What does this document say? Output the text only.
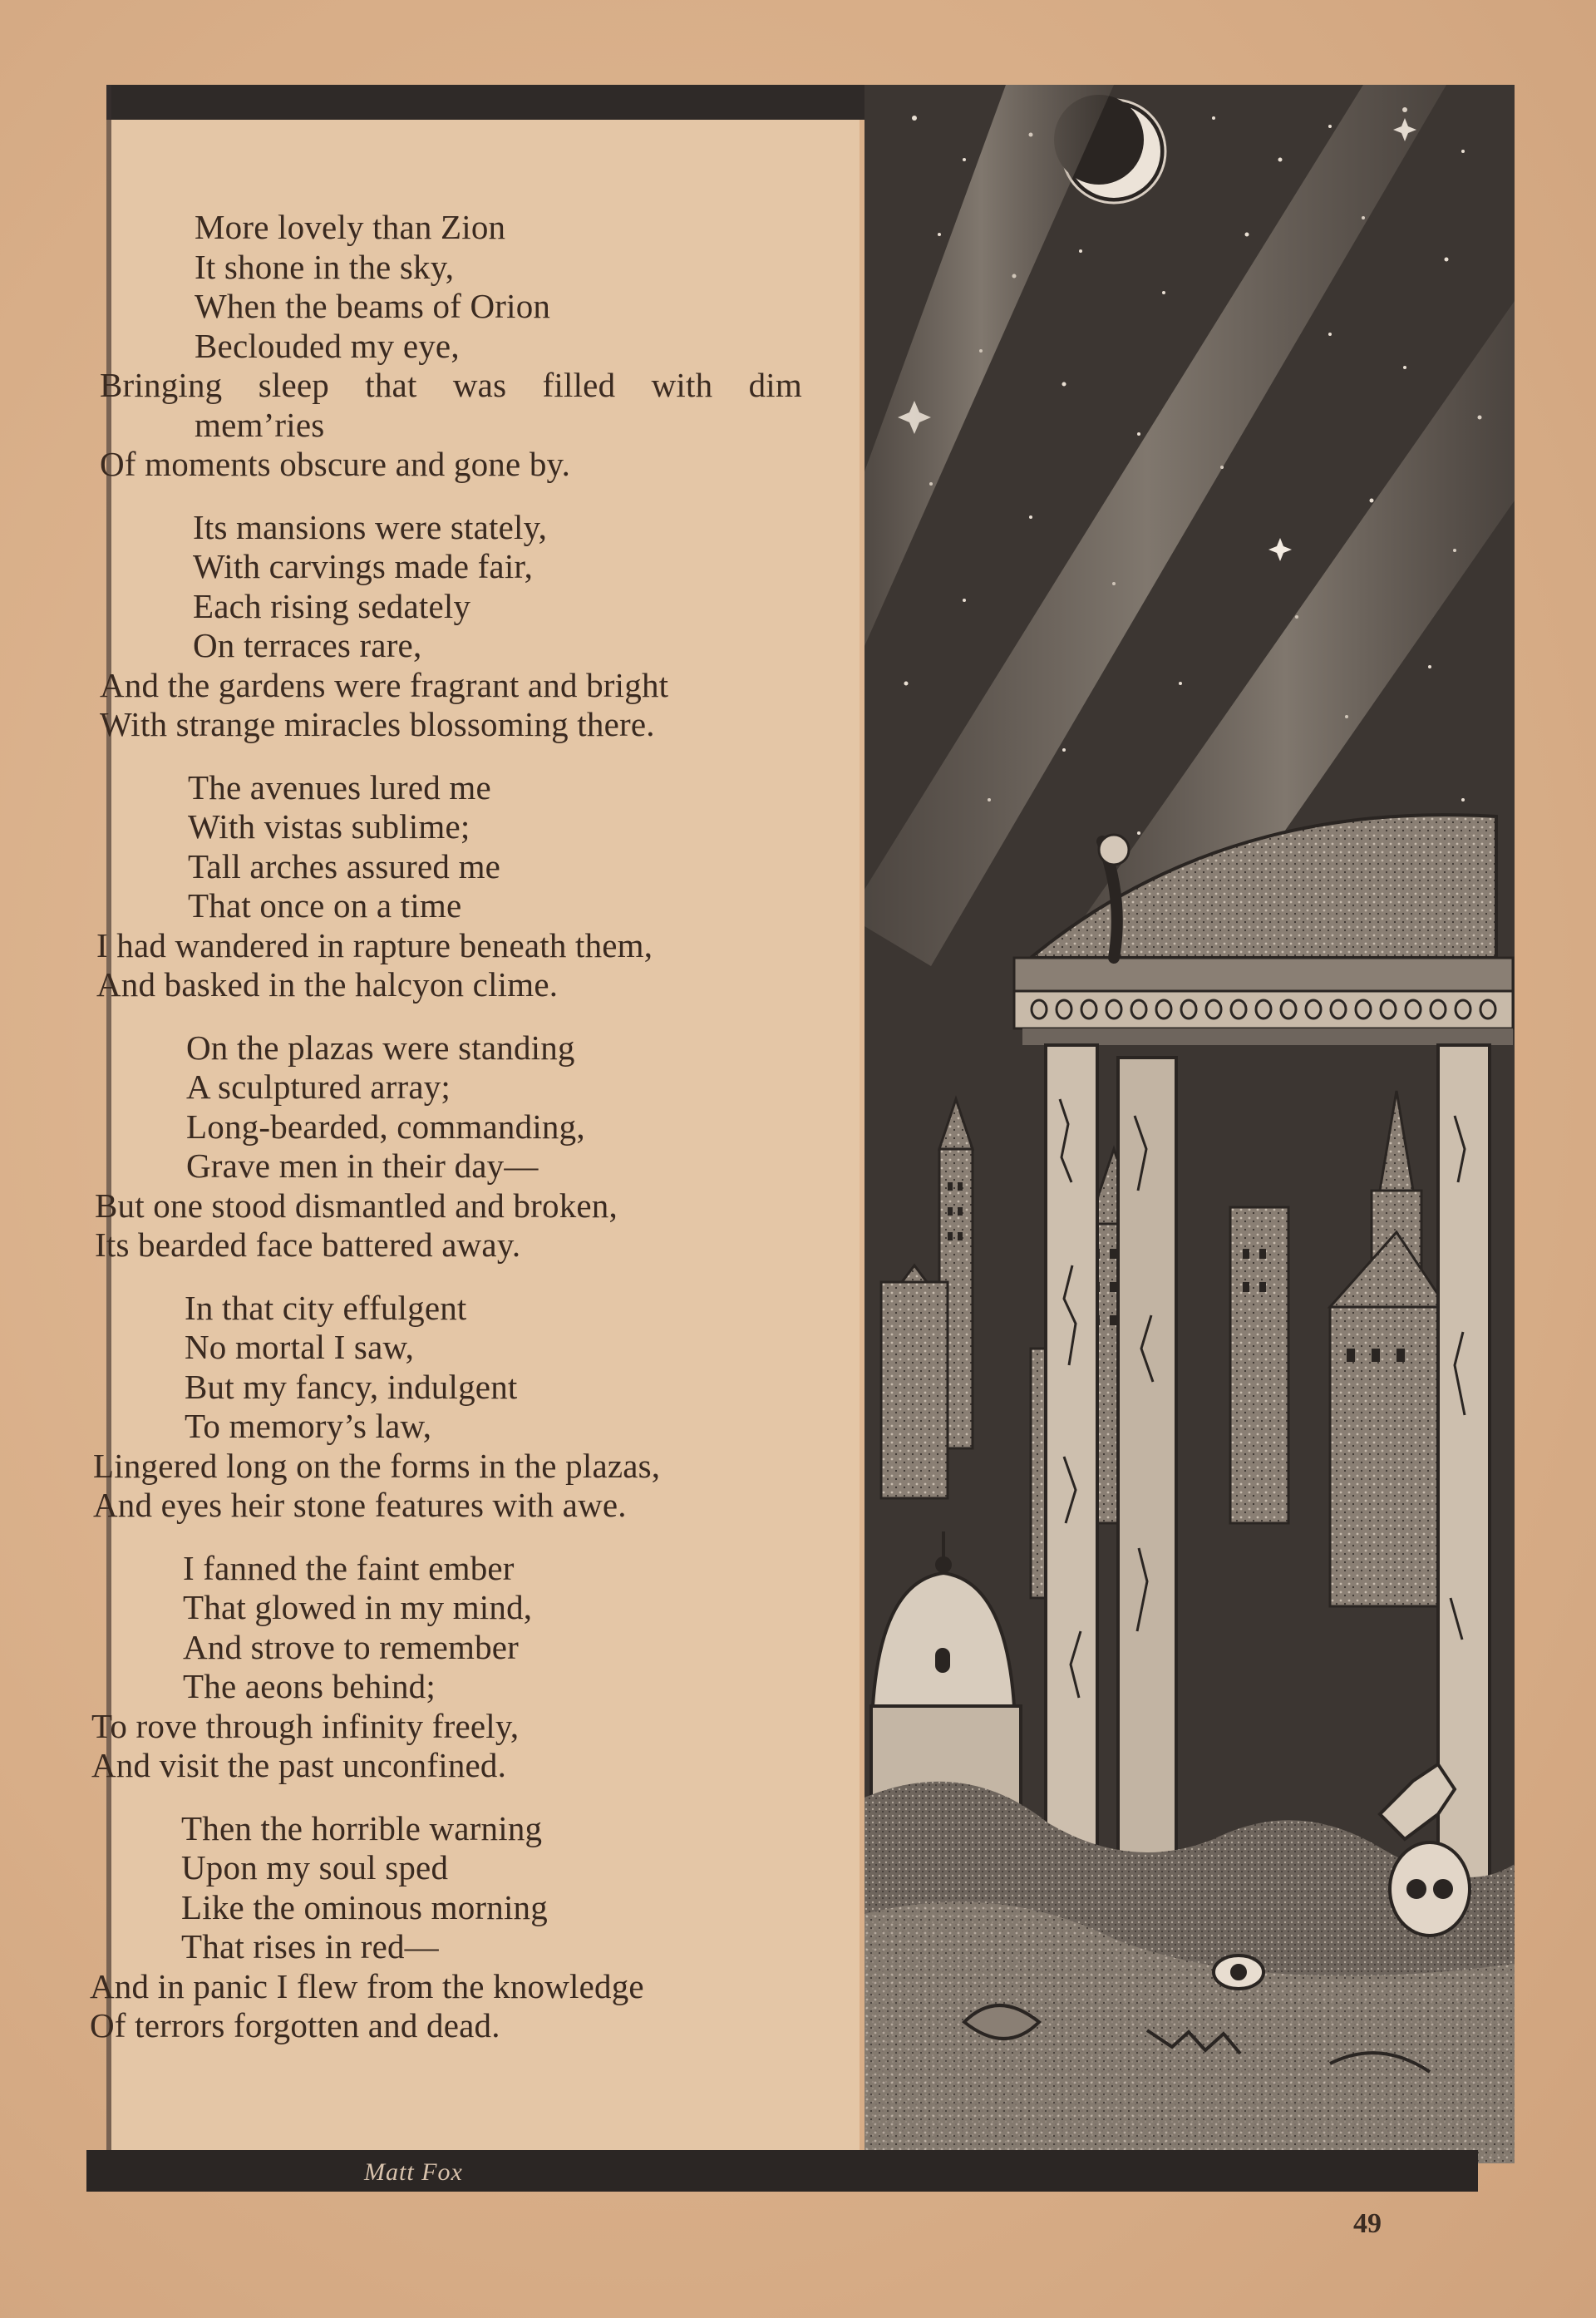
More lovely than Zion
It shone in the sky,
When the beams of Orion
Beclouded my eye,
Bringing sleep that was filled with dim
mem’ries
Of moments obscure and gone by.
Its mansions were stately,
With carvings made fair,
Each rising sedately
On terraces rare,
And the gardens were fragrant and bright
With strange miracles blossoming there.
The avenues lured me
With vistas sublime;
Tall arches assured me
That once on a time
I had wandered in rapture beneath them,
And basked in the halcyon clime.
On the plazas were standing
A sculptured array;
Long-bearded, commanding,
Grave men in their day—
But one stood dismantled and broken,
Its bearded face battered away.
In that city effulgent
No mortal I saw,
But my fancy, indulgent
To memory’s law,
Lingered long on the forms in the plazas,
And eyes heir stone features with awe.
I fanned the faint ember
That glowed in my mind,
And strove to remember
The aeons behind;
To rove through infinity freely,
And visit the past unconfined.
Then the horrible warning
Upon my soul sped
Like the ominous morning
That rises in red—
And in panic I flew from the knowledge
Of terrors forgotten and dead.
Matt Fox
49
